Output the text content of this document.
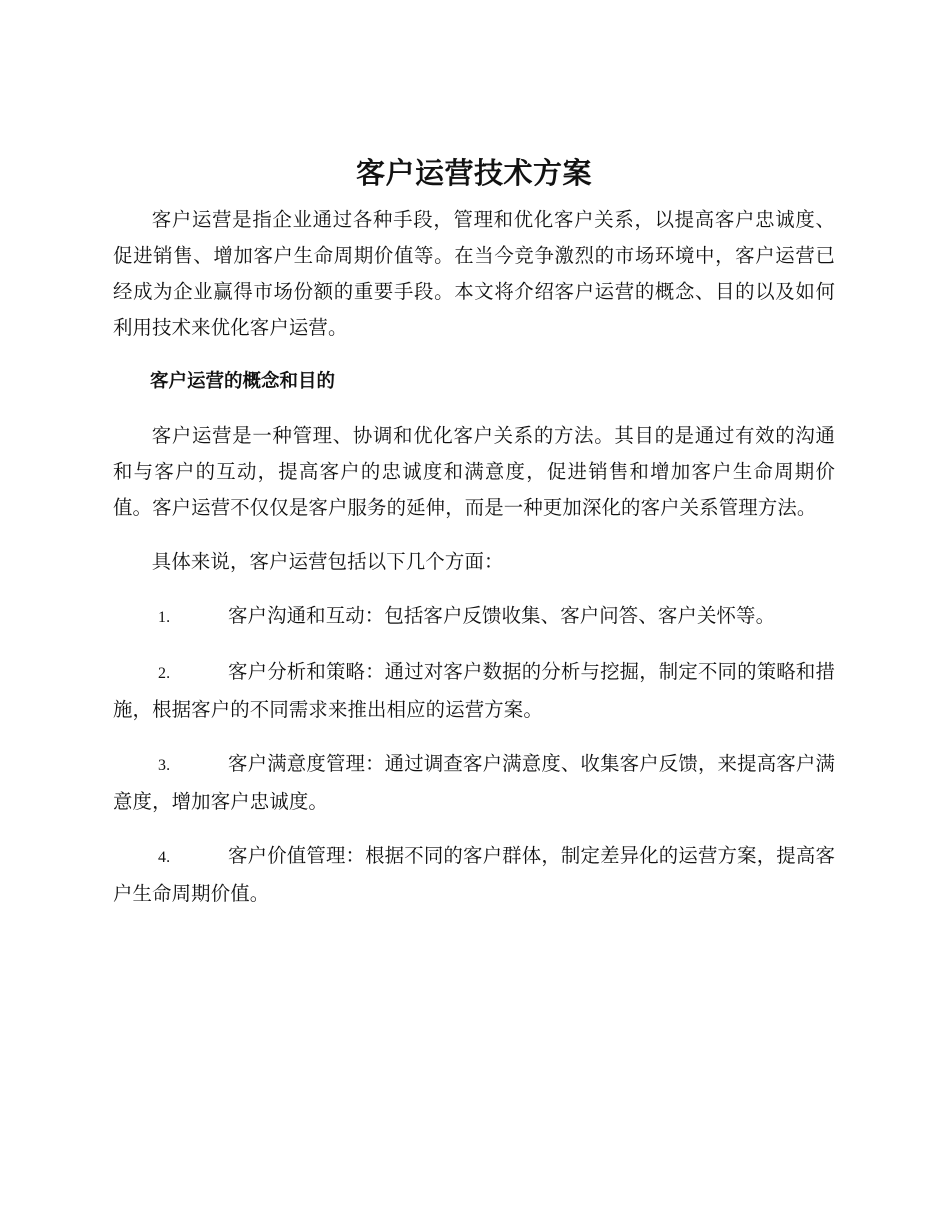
客户运营技术方案

客户运营是指企业通过各种手段，管理和优化客户关系，以提高客户忠诚度、促进销售、增加客户生命周期价值等。在当今竞争激烈的市场环境中，客户运营已经成为企业赢得市场份额的重要手段。本文将介绍客户运营的概念、目的以及如何利用技术来优化客户运营。

客户运营的概念和目的

客户运营是一种管理、协调和优化客户关系的方法。其目的是通过有效的沟通和与客户的互动，提高客户的忠诚度和满意度，促进销售和增加客户生命周期价值。客户运营不仅仅是客户服务的延伸，而是一种更加深化的客户关系管理方法。

具体来说，客户运营包括以下几个方面：

1.	客户沟通和互动：包括客户反馈收集、客户问答、客户关怀等。
2.	客户分析和策略：通过对客户数据的分析与挖掘，制定不同的策略和措施，根据客户的不同需求来推出相应的运营方案。
3.	客户满意度管理：通过调查客户满意度、收集客户反馈，来提高客户满意度，增加客户忠诚度。
4.	客户价值管理：根据不同的客户群体，制定差异化的运营方案，提高客户生命周期价值。
